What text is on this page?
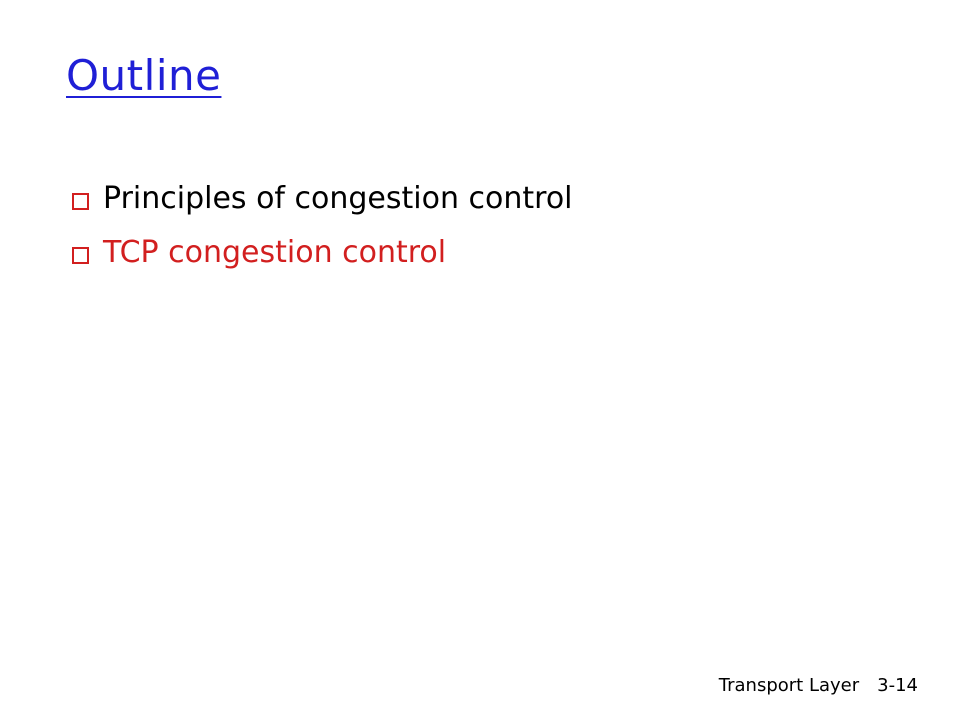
Outline
Principles of congestion control
TCP congestion control
Transport Layer 3-14
